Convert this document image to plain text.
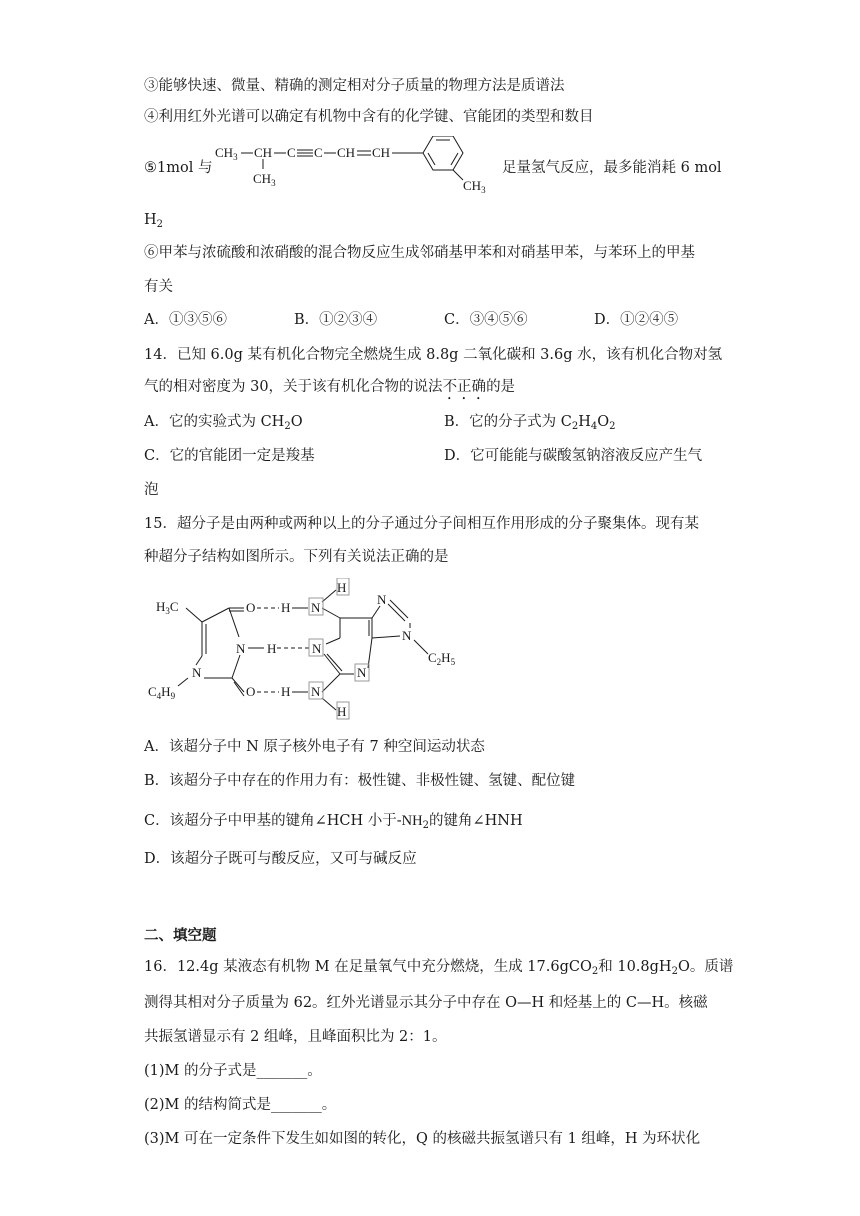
③能够快速、微量、精确的测定相对分子质量的物理方法是质谱法
④利用红外光谱可以确定有机物中含有的化学键、官能团的类型和数目
⑤1mol 与
$CH_3$ CH C C CH CH
$CH_3$	$CH_3$
足量氢气反应，最多能消耗 6 mol
$H_2$
⑥甲苯与浓硫酸和浓硝酸的混合物反应生成邻硝基甲苯和对硝基甲苯，与苯环上的甲基
有关
A．①③⑤⑥	B．①②③④	C．③④⑤⑥	D．①②④⑤
14．已知 6.0g 某有机化合物完全燃烧生成 8.8g 二氧化碳和 3.6g 水，该有机化合物对氢
气的相对密度为 30，关于该有机化合物的说法不正确的是
A．它的实验式为 $CH_2O$	B．它的分子式为 $C_2H_4O_2$
C．它的官能团一定是羧基	D．它可能能与碳酸氢钠溶液反应产生气
泡
15．超分子是由两种或两种以上的分子通过分子间相互作用形成的分子聚集体。现有某
种超分子结构如图所示。下列有关说法正确的是
$H_3C$	O H N
H
N H	N
N
$C_4H_9$	O H N
H
N
N
N
$C_2H_5$
A．该超分子中 N 原子核外电子有 7 种空间运动状态
B．该超分子中存在的作用力有：极性键、非极性键、氢键、配位键
C．该超分子中甲基的键角∠HCH 小于$-NH_2$的键角∠HNH
D．该超分子既可与酸反应，又可与碱反应
二、填空题
16．12.4g 某液态有机物 M 在足量氧气中充分燃烧，生成 17.6gCO$_2$和 $10.8gH_2O$。质谱
测得其相对分子质量为 62。红外光谱显示其分子中存在 O—H 和烃基上的 C—H。核磁
共振氢谱显示有 2 组峰，且峰面积比为 2：1。
(1)M 的分子式是_______。
(2)M 的结构简式是_______。
(3)M 可在一定条件下发生如如图的转化，Q 的核磁共振氢谱只有 1 组峰，H 为环状化
